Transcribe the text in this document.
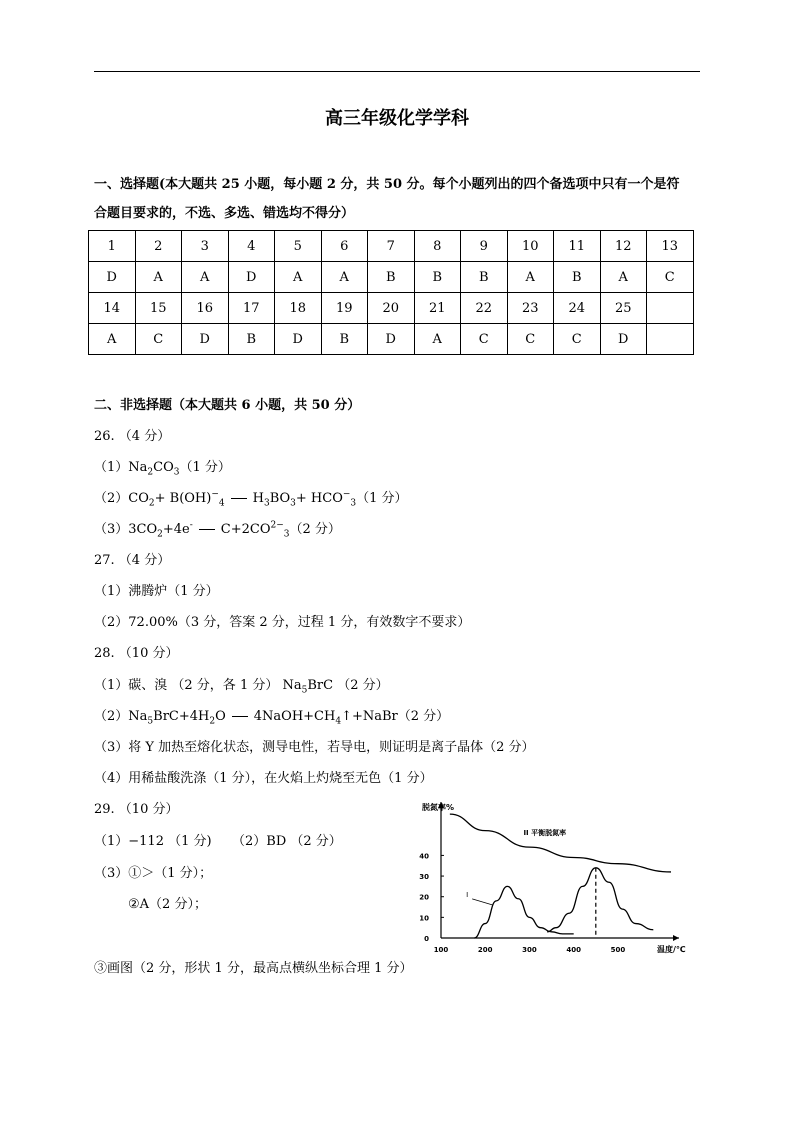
高三年级化学学科
一、选择题(本大题共 25 小题，每小题 2 分，共 50 分。每个小题列出的四个备选项中只有一个是符
合题目要求的，不选、多选、错选均不得分）
1	2	3	4	5	6	7	8	9	10	11	12	13
D	A	A	D	A	A	B	B	B	A	B	A	C
14	15	16	17	18	19	20	21	22	23	24	25	
A	C	D	B	D	B	D	A	C	C	C	D	
二、非选择题（本大题共 6 小题，共 50 分）
26. （4 分）
$(1)Na_2CO_3(1$ 分）
$(2)CO_2+ B(OH)^-_4$ $H_3BO_3+ HCO^-_3(1$ 分）
$(3)3CO_2+4e^-$ $C+2CO^{2-}_3(2$ 分）
27. （4 分）
（1）沸腾炉（1 分）
（2）72.00%（3 分，答案 2 分，过程 1 分，有效数字不要求）
28. （10 分）
（1）碳、溴 （2 分，各 1 分） $Na_5BrC$ （2 分）
$(2)Na_5BrC+4H_2O$ $4NaOH+CH_4↑+NaBr(2$ 分）
（3）将 Y 加热至熔化状态，测导电性，若导电，则证明是离子晶体（2 分）
（4）用稀盐酸洗涤（1 分），在火焰上灼烧至无色（1 分）
29. （10 分）
（1）−112 （1 分) （2）BD （2 分）
（3）①＞（1 分）；
②A（2 分）；
③画图（2 分，形状 1 分，最高点横纵坐标合理 1 分）
脱氮率%
温度/℃
0
10
20
30
40
100	200	300	400	500
II 平衡脱氮率
I
